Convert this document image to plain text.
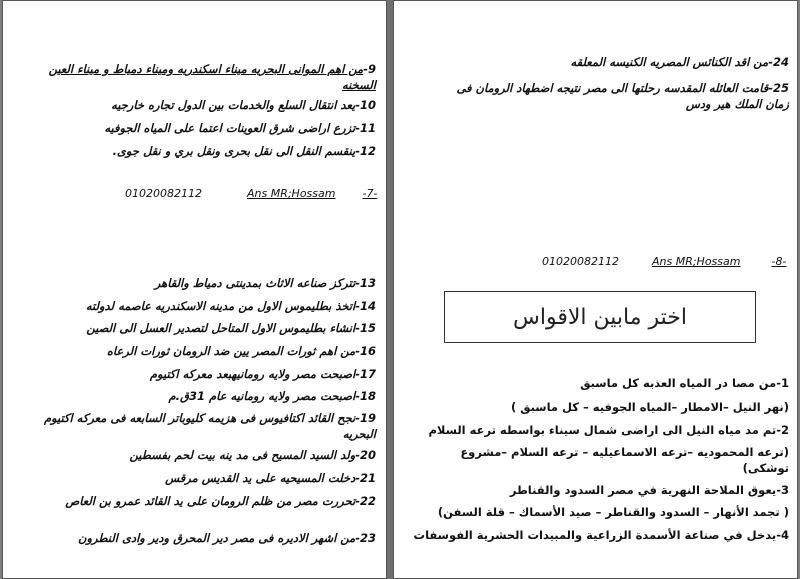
9-من اهم الموانى البحريه ميناء اسكندريه وميناء دمياط و ميناء العين السخنه
10-يعد انتقال السلع والخدمات بين الدول تجاره خارجيه
11-تزرع اراضى شرق العوينات اعتما على المياه الجوفيه
12-ينقسم النقل الى نقل بحرى ونقل بري و نقل جوى.
01020082112	Ans MR;Hossam -7-
13-تتركز صناعه الاثاث بمدينتى دمياط والقاهر
14-اتخذ بطليموس الاول من مدينه الاسكندريه عاصمه لدولته
15-انشاء بطليموس الاول المتاحل لتصدير العسل الى الصين
16-من اهم ثورات المصر يين ضد الرومان ثورات الرعاه
17-اصبحت مصر ولايه رومانيهبعد معركه اكتيوم
18-اصبحت مصر ولايه رومانيه عام 31ق.م
19-نجح القائد اكتافيوس فى هزيمه كليوباتر السابعه فى معركه اكتيوم البحريه
20-ولد السيد المسيح فى مد ينه بيت لحم بفسطين
21-دخلت المسيحيه على يد القديس مرقس
22-تحررت مصر من ظلم الرومان على يد القائد عمرو بن العاص
23-من اشهر الاديره فى مصر دير المحرق ودير وادى النطرون
24-من اقد الكنائس المصريه الكنيسه المعلقه
25-قامت العائله المقدسه رحلتها الى مصر نتيجه اضطهاد الرومان فى زمان الملك هير ودس
01020082112	Ans MR;Hossam	-8-
اختر مابين الاقواس
1-من مصا در المياه العذبه كل ماسبق
(نهر النيل –الامطار –المياه الجوفيه – كل ماسبق )
2-تم مد مياه النيل الى اراضى شمال سيناء بواسطه ترعه السلام
(ترعه المحموديه –ترعه الاسماعيليه – ترعه السلام –مشروع توشكى)
3-يعوق الملاحة النهرية في مصر السدود والقناطر
( تجمد الأنهار – السدود والقناطر – صيد الأسماك – قلة السفن)
4-يدخل في صناعة الأسمدة الزراعية والمبيدات الحشرية الفوسفات
